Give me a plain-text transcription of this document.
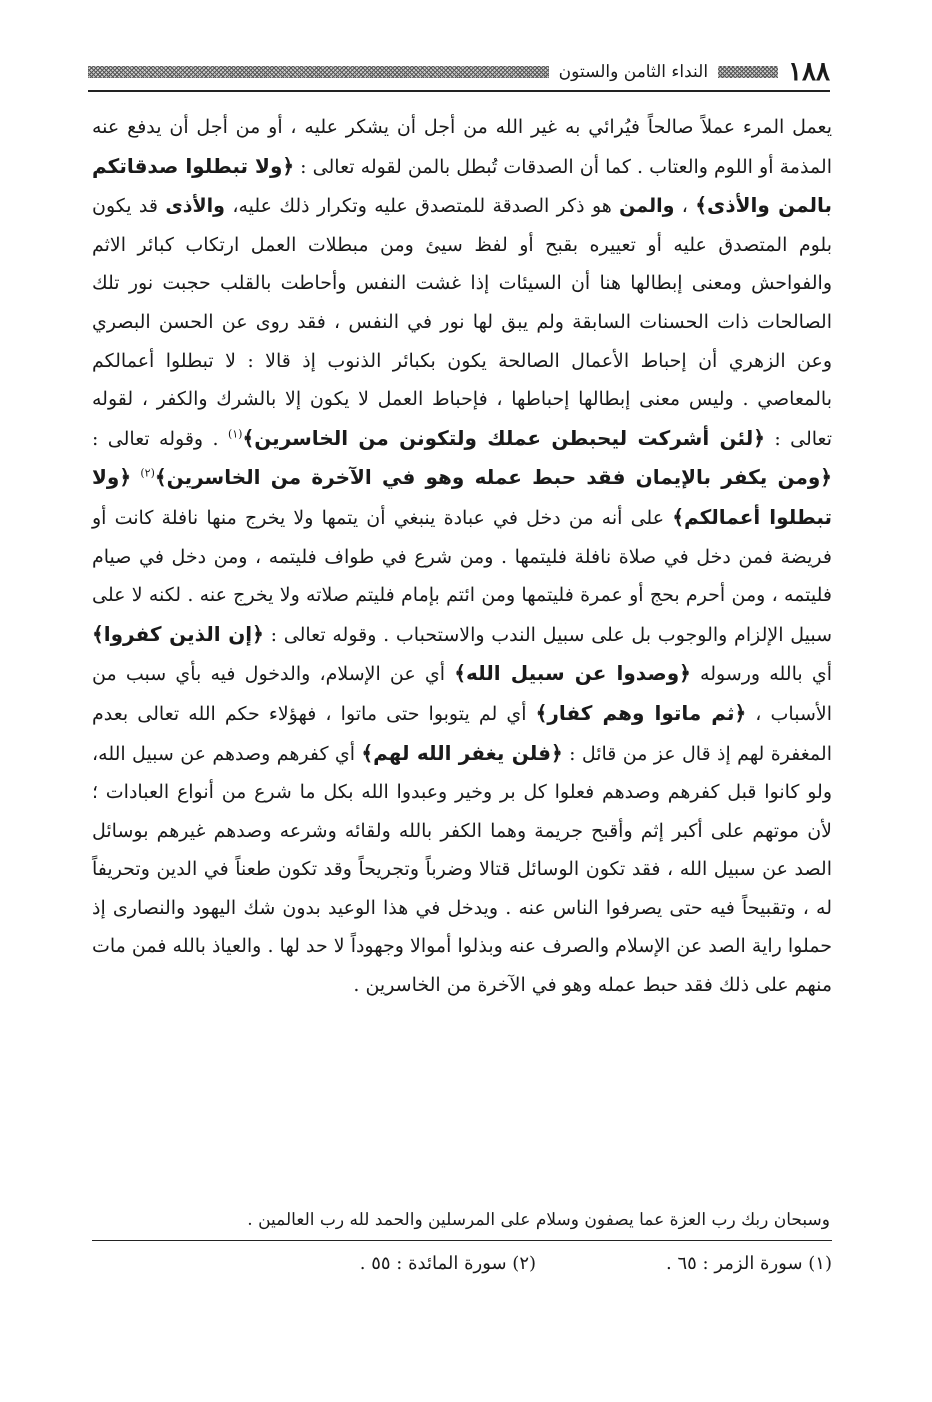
١٨٨
النداء الثامن والستون

يعمل المرء عملاً صالحاً فيُرائي به غير الله من أجل أن يشكر عليه ، أو من أجل أن يدفع عنه المذمة أو اللوم والعتاب . كما أن الصدقات تُبطل بالمن لقوله تعالى : ﴿ولا تبطلوا صدقاتكم بالمن والأذى﴾ ، والمن هو ذكر الصدقة للمتصدق عليه وتكرار ذلك عليه، والأذى قد يكون بلوم المتصدق عليه أو تعييره بقبح أو لفظ سيئ ومن مبطلات العمل ارتكاب كبائر الاثم والفواحش ومعنى إبطالها هنا أن السيئات إذا غشت النفس وأحاطت بالقلب حجبت نور تلك الصالحات ذات الحسنات السابقة ولم يبق لها نور في النفس ، فقد روى عن الحسن البصري وعن الزهري أن إحباط الأعمال الصالحة يكون بكبائر الذنوب إذ قالا : لا تبطلوا أعمالكم بالمعاصي . وليس معنى إبطالها إحباطها ، فإحباط العمل لا يكون إلا بالشرك والكفر ، لقوله تعالى : ﴿لئن أشركت ليحبطن عملك ولتكونن من الخاسرين﴾$^{(١)}$ . وقوله تعالى : ﴿ومن يكفر بالإيمان فقد حبط عمله وهو في الآخرة من الخاسرين﴾$^{(٢)}$ ﴿ولا تبطلوا أعمالكم﴾ على أنه من دخل في عبادة ينبغي أن يتمها ولا يخرج منها نافلة كانت أو فريضة فمن دخل في صلاة نافلة فليتمها . ومن شرع في طواف فليتمه ، ومن دخل في صيام فليتمه ، ومن أحرم بحج أو عمرة فليتمها ومن ائتم بإمام فليتم صلاته ولا يخرج عنه . لكنه لا على سبيل الإلزام والوجوب بل على سبيل الندب والاستحباب . وقوله تعالى : ﴿إن الذين كفروا﴾ أي بالله ورسوله ﴿وصدوا عن سبيل الله﴾ أي عن الإسلام، والدخول فيه بأي سبب من الأسباب ، ﴿ثم ماتوا وهم كفار﴾ أي لم يتوبوا حتى ماتوا ، فهؤلاء حكم الله تعالى بعدم المغفرة لهم إذ قال عز من قائل : ﴿فلن يغفر الله لهم﴾ أي كفرهم وصدهم عن سبيل الله، ولو كانوا قبل كفرهم وصدهم فعلوا كل بر وخير وعبدوا الله بكل ما شرع من أنواع العبادات ؛ لأن موتهم على أكبر إثم وأقبح جريمة وهما الكفر بالله ولقائه وشرعه وصدهم غيرهم بوسائل الصد عن سبيل الله ، فقد تكون الوسائل قتالا وضرباً وتجريحاً وقد تكون طعناً في الدين وتحريفاً له ، وتقبيحاً فيه حتى يصرفوا الناس عنه . ويدخل في هذا الوعيد بدون شك اليهود والنصارى إذ حملوا راية الصد عن الإسلام والصرف عنه وبذلوا أموالا وجهوداً لا حد لها . والعياذ بالله فمن مات منهم على ذلك فقد حبط عمله وهو في الآخرة من الخاسرين .

وسبحان ربك رب العزة عما يصفون وسلام على المرسلين والحمد لله رب العالمين .
(١) سورة الزمر : ٦٥ .
(٢) سورة المائدة : ٥٥ .
